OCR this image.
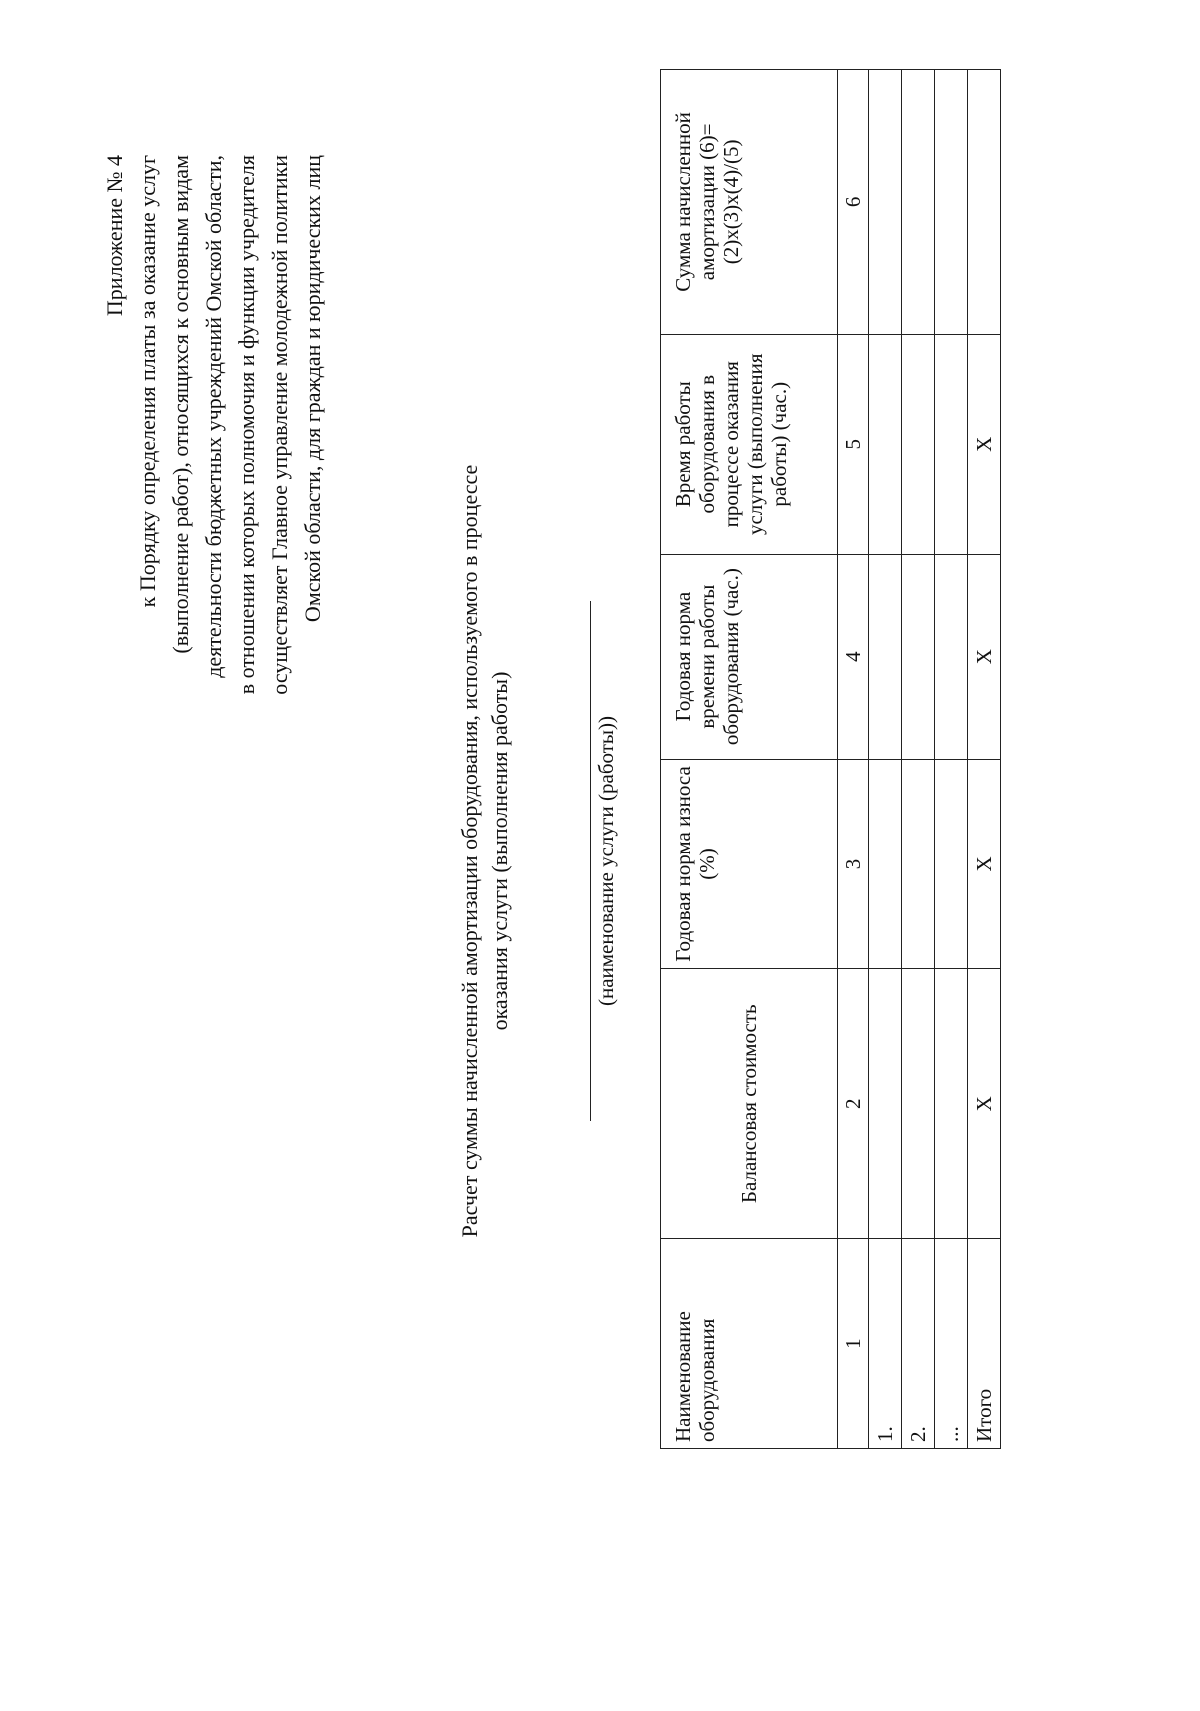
Приложение № 4 к Порядку определения платы за оказание услуг (выполнение работ), относящихся к основным видам деятельности бюджетных учреждений Омской области, в отношении которых полномочия и функции учредителя осуществляет Главное управление молодежной политики Омской области, для граждан и юридических лиц
Расчет суммы начисленной амортизации оборудования, используемого в процессе оказания услуги (выполнения работы)	(наименование услуги (работы))
Наименование оборудования	Балансовая стоимость	Годовая норма износа (%)	Годовая норма времени работы оборудования (час.)	Время работы оборудования в процессе оказания услуги (выполнения работы) (час.)	Сумма начисленной амортизации (6)=(2)x(3)x(4)/(5)
1	2	3	4	5	6
1.					
2.					
...					
Итого	X	X	X	X	
